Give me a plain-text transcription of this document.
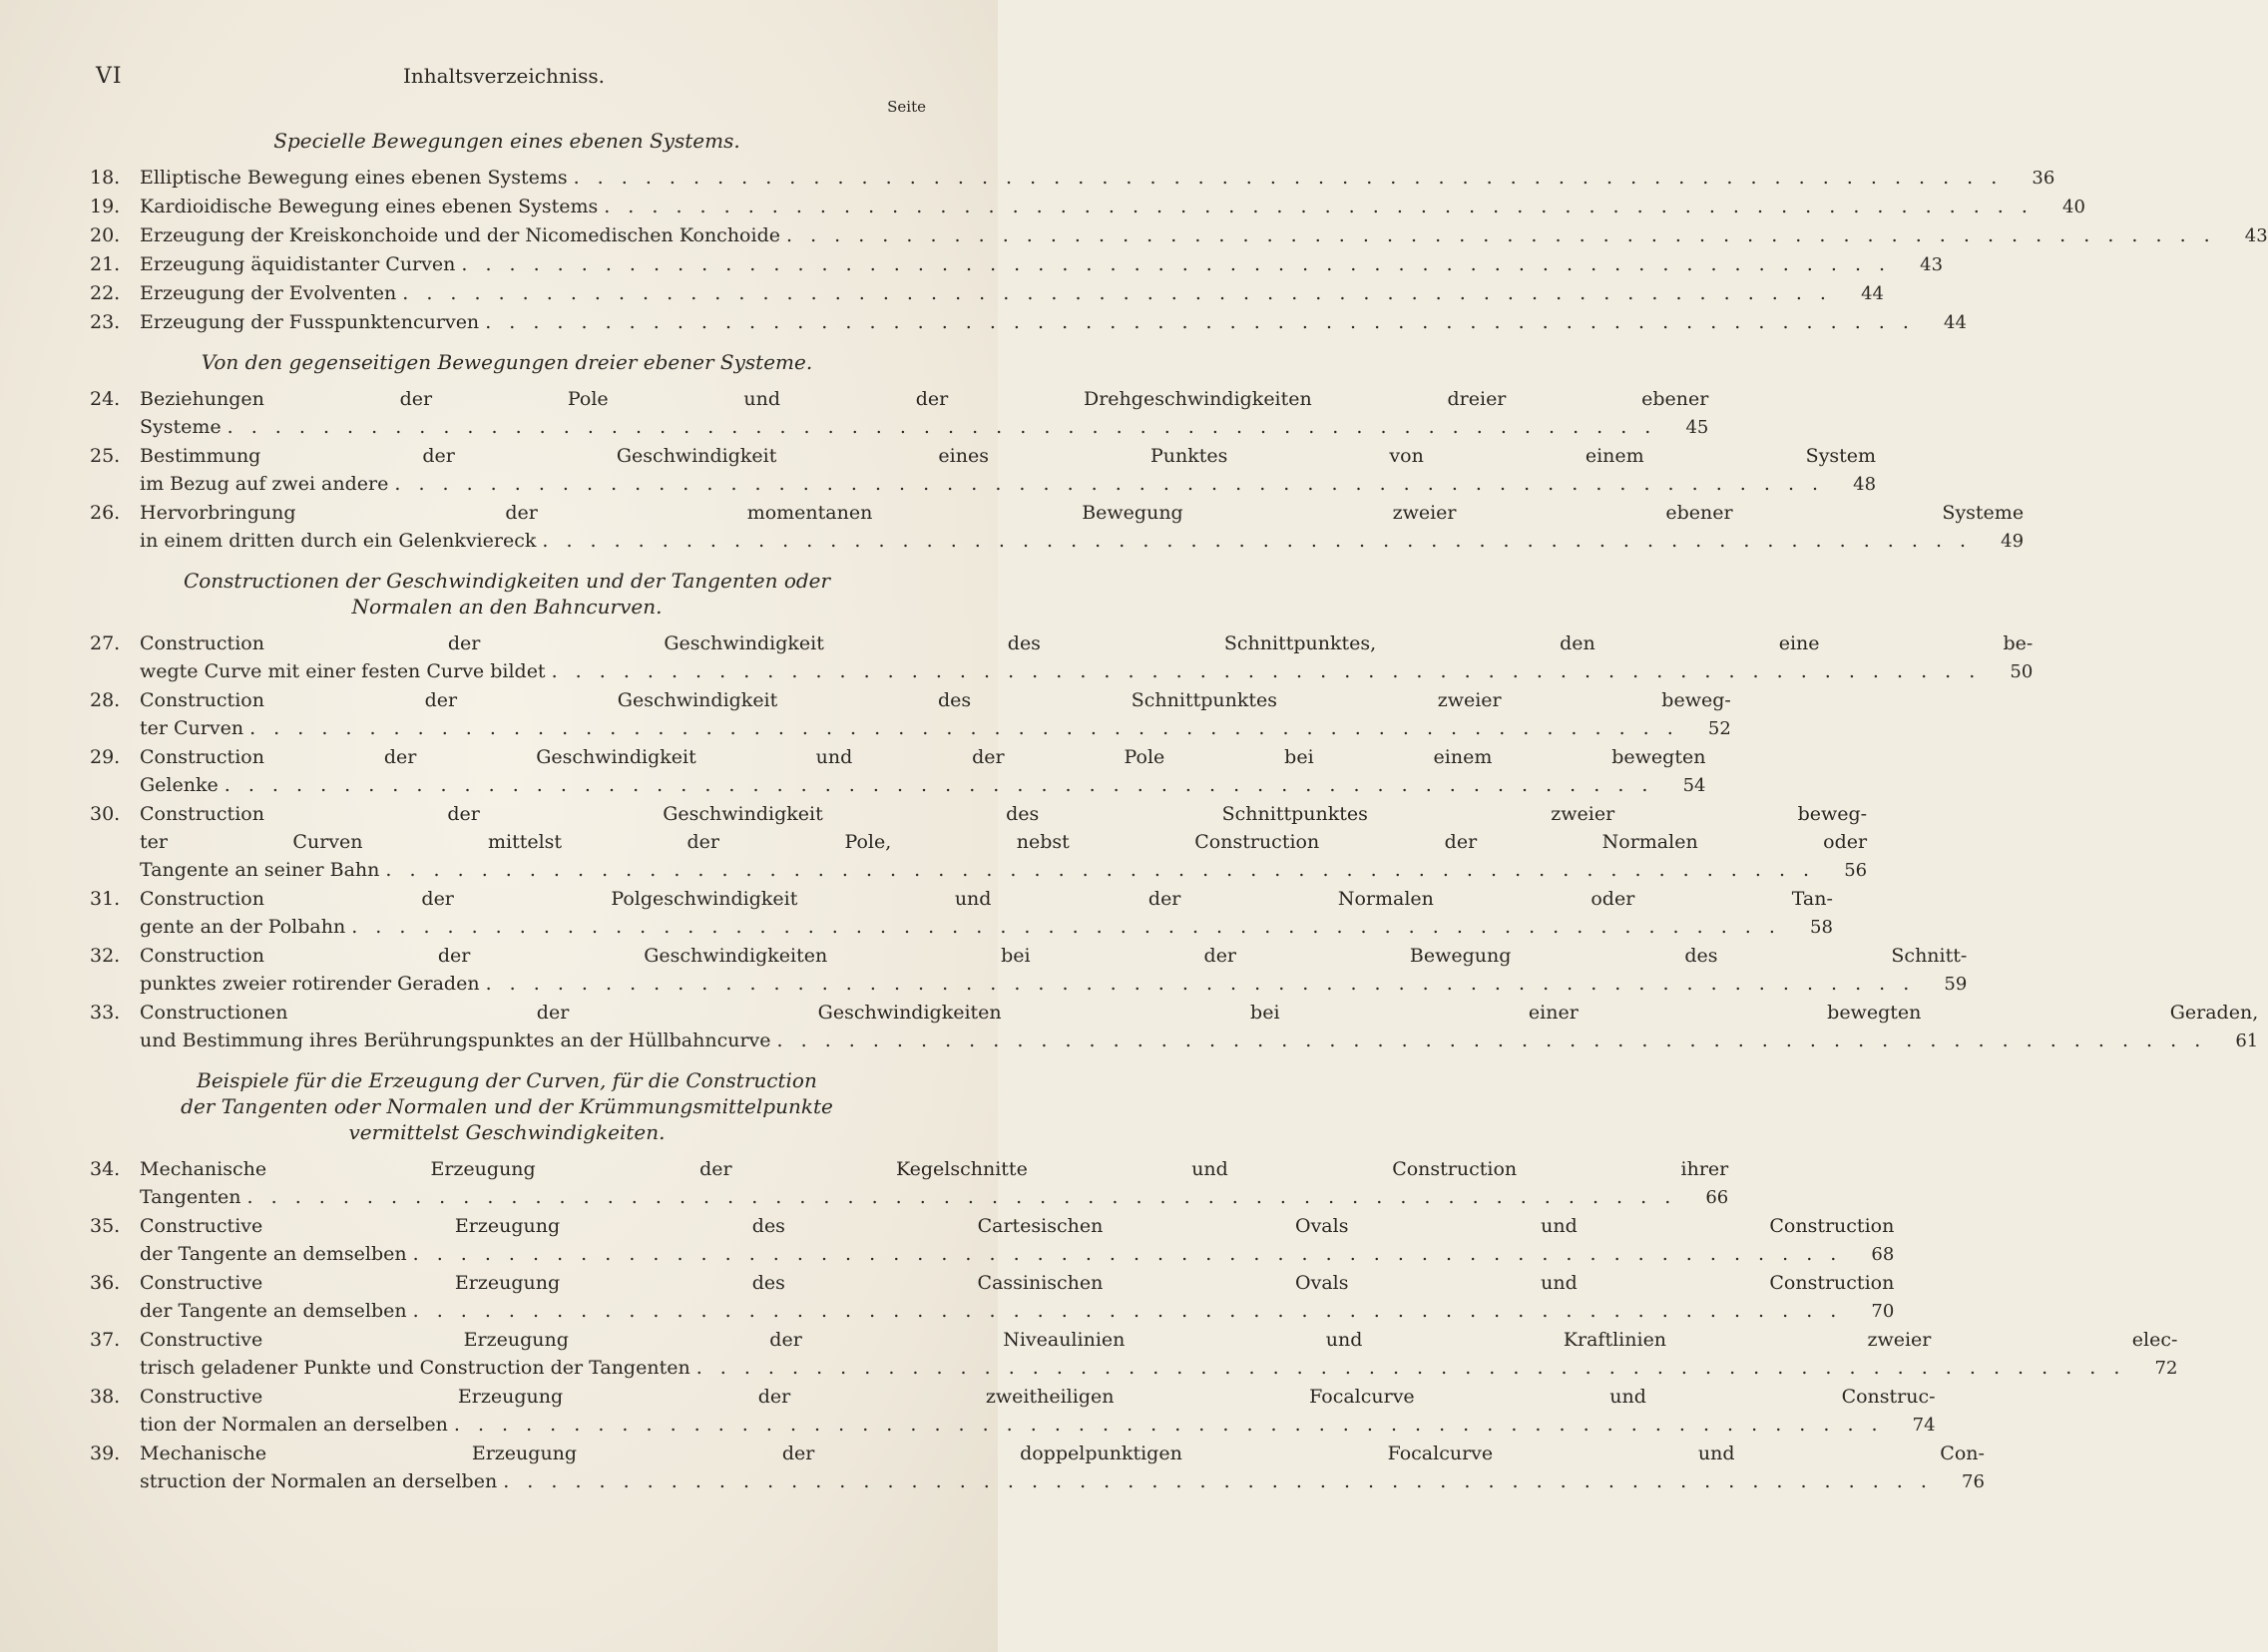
VI	Inhaltsverzeichniss.
Seite
Specielle Bewegungen eines ebenen Systems.
18.	Elliptische Bewegung eines ebenen Systems . . .	36
19.	Kardioidische Bewegung eines ebenen Systems . . .	40
20.	Erzeugung der Kreiskonchoide und der Nicomedischen Konchoide . . .	43
21.	Erzeugung äquidistanter Curven . . .	43
22.	Erzeugung der Evolventen . . .	44
23.	Erzeugung der Fusspunktencurven . . .	44
Von den gegenseitigen Bewegungen dreier ebener Systeme.
24.	Beziehungen der Pole und der Drehgeschwindigkeiten dreier ebener
Systeme . . .	45
25.	Bestimmung der Geschwindigkeit eines Punktes von einem System
im Bezug auf zwei andere . . .	48
26.	Hervorbringung der momentanen Bewegung zweier ebener Systeme
in einem dritten durch ein Gelenkviereck . . .	49
Constructionen der Geschwindigkeiten und der Tangenten oder
Normalen an den Bahncurven.
27.	Construction der Geschwindigkeit des Schnittpunktes, den eine be-
wegte Curve mit einer festen Curve bildet . . .	50
28.	Construction der Geschwindigkeit des Schnittpunktes zweier beweg-
ter Curven . . .	52
29.	Construction der Geschwindigkeit und der Pole bei einem bewegten
Gelenke . . .	54
30.	Construction der Geschwindigkeit des Schnittpunktes zweier beweg-
ter Curven mittelst der Pole, nebst Construction der Normalen oder
Tangente an seiner Bahn . . .	56
31.	Construction der Polgeschwindigkeit und der Normalen oder Tan-
gente an der Polbahn . . .	58
32.	Construction der Geschwindigkeiten bei der Bewegung des Schnitt-
punktes zweier rotirender Geraden . . .	59
33.	Constructionen der Geschwindigkeiten bei einer bewegten Geraden,
und Bestimmung ihres Berührungspunktes an der Hüllbahncurve . . .	61
Beispiele für die Erzeugung der Curven, für die Construction
der Tangenten oder Normalen und der Krümmungsmittelpunkte
vermittelst Geschwindigkeiten.
34.	Mechanische Erzeugung der Kegelschnitte und Construction ihrer
Tangenten . . .	66
35.	Constructive Erzeugung des Cartesischen Ovals und Construction
der Tangente an demselben . . .	68
36.	Constructive Erzeugung des Cassinischen Ovals und Construction
der Tangente an demselben . . .	70
37.	Constructive Erzeugung der Niveaulinien und Kraftlinien zweier elec-
trisch geladener Punkte und Construction der Tangenten . . .	72
38.	Constructive Erzeugung der zweitheiligen Focalcurve und Construc-
tion der Normalen an derselben . . .	74
39.	Mechanische Erzeugung der doppelpunktigen Focalcurve und Con-
struction der Normalen an derselben . . .	76
